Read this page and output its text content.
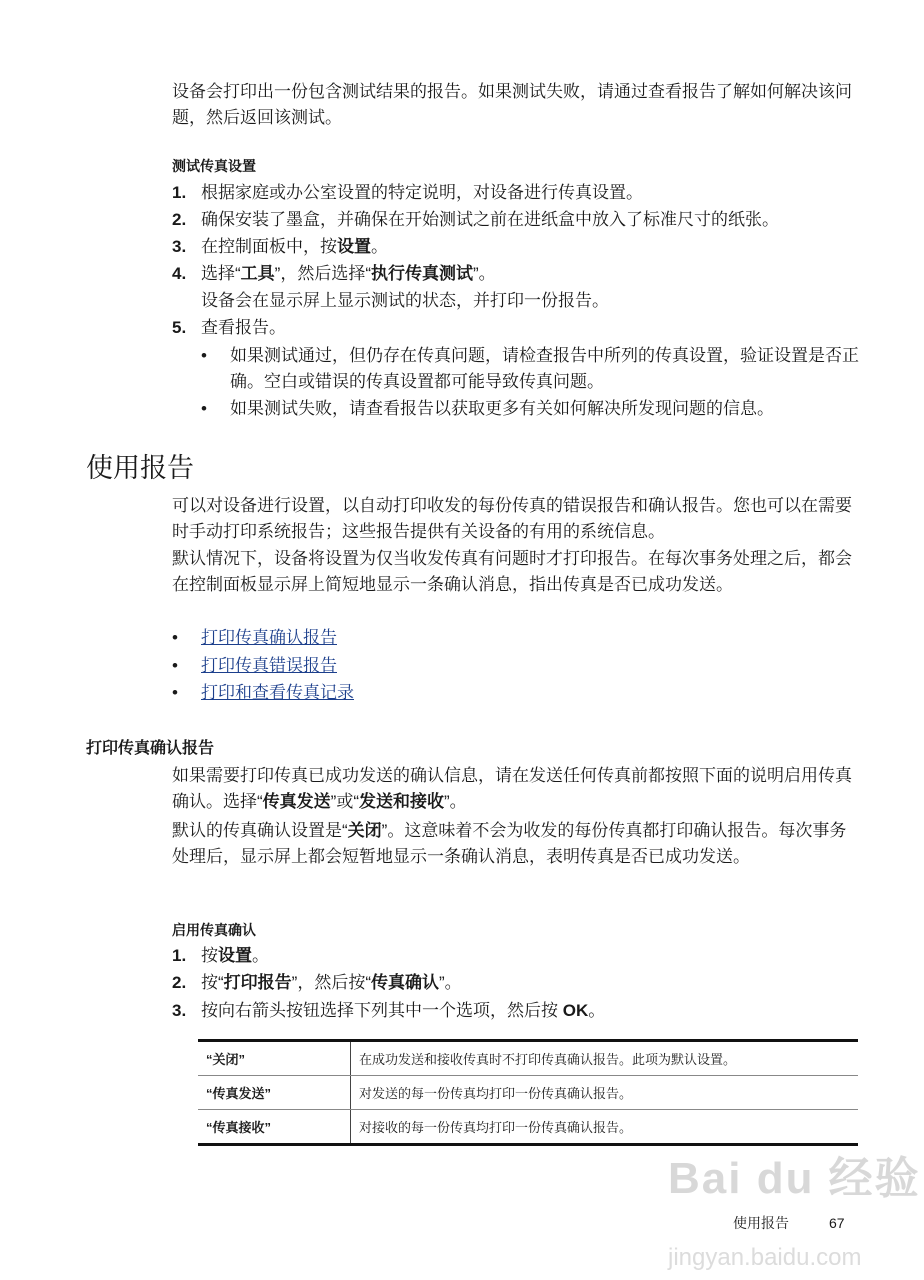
设备会打印出一份包含测试结果的报告。如果测试失败，请通过查看报告了解如何解决该问题，然后返回该测试。
测试传真设置
1. 根据家庭或办公室设置的特定说明，对设备进行传真设置。
2. 确保安装了墨盒，并确保在开始测试之前在进纸盒中放入了标准尺寸的纸张。
3. 在控制面板中，按设置。
4. 选择“工具”，然后选择“执行传真测试”。
设备会在显示屏上显示测试的状态，并打印一份报告。
5. 查看报告。
• 如果测试通过，但仍存在传真问题，请检查报告中所列的传真设置，验证设置是否正确。空白或错误的传真设置都可能导致传真问题。
• 如果测试失败，请查看报告以获取更多有关如何解决所发现问题的信息。
使用报告
可以对设备进行设置，以自动打印收发的每份传真的错误报告和确认报告。您也可以在需要时手动打印系统报告；这些报告提供有关设备的有用的系统信息。
默认情况下，设备将设置为仅当收发传真有问题时才打印报告。在每次事务处理之后，都会在控制面板显示屏上简短地显示一条确认消息，指出传真是否已成功发送。
• 打印传真确认报告
• 打印传真错误报告
• 打印和查看传真记录
打印传真确认报告
如果需要打印传真已成功发送的确认信息，请在发送任何传真前都按照下面的说明启用传真确认。选择“传真发送”或“发送和接收”。
默认的传真确认设置是“关闭”。这意味着不会为收发的每份传真都打印确认报告。每次事务处理后，显示屏上都会短暂地显示一条确认消息，表明传真是否已成功发送。
启用传真确认
1. 按设置。
2. 按“打印报告”，然后按“传真确认”。
3. 按向右箭头按钮选择下列其中一个选项，然后按 OK。
“关闭”	在成功发送和接收传真时不打印传真确认报告。此项为默认设置。
“传真发送”	对发送的每一份传真均打印一份传真确认报告。
“传真接收”	对接收的每一份传真均打印一份传真确认报告。
Bai du 经验
使用报告	67
jingyan.baidu.com
